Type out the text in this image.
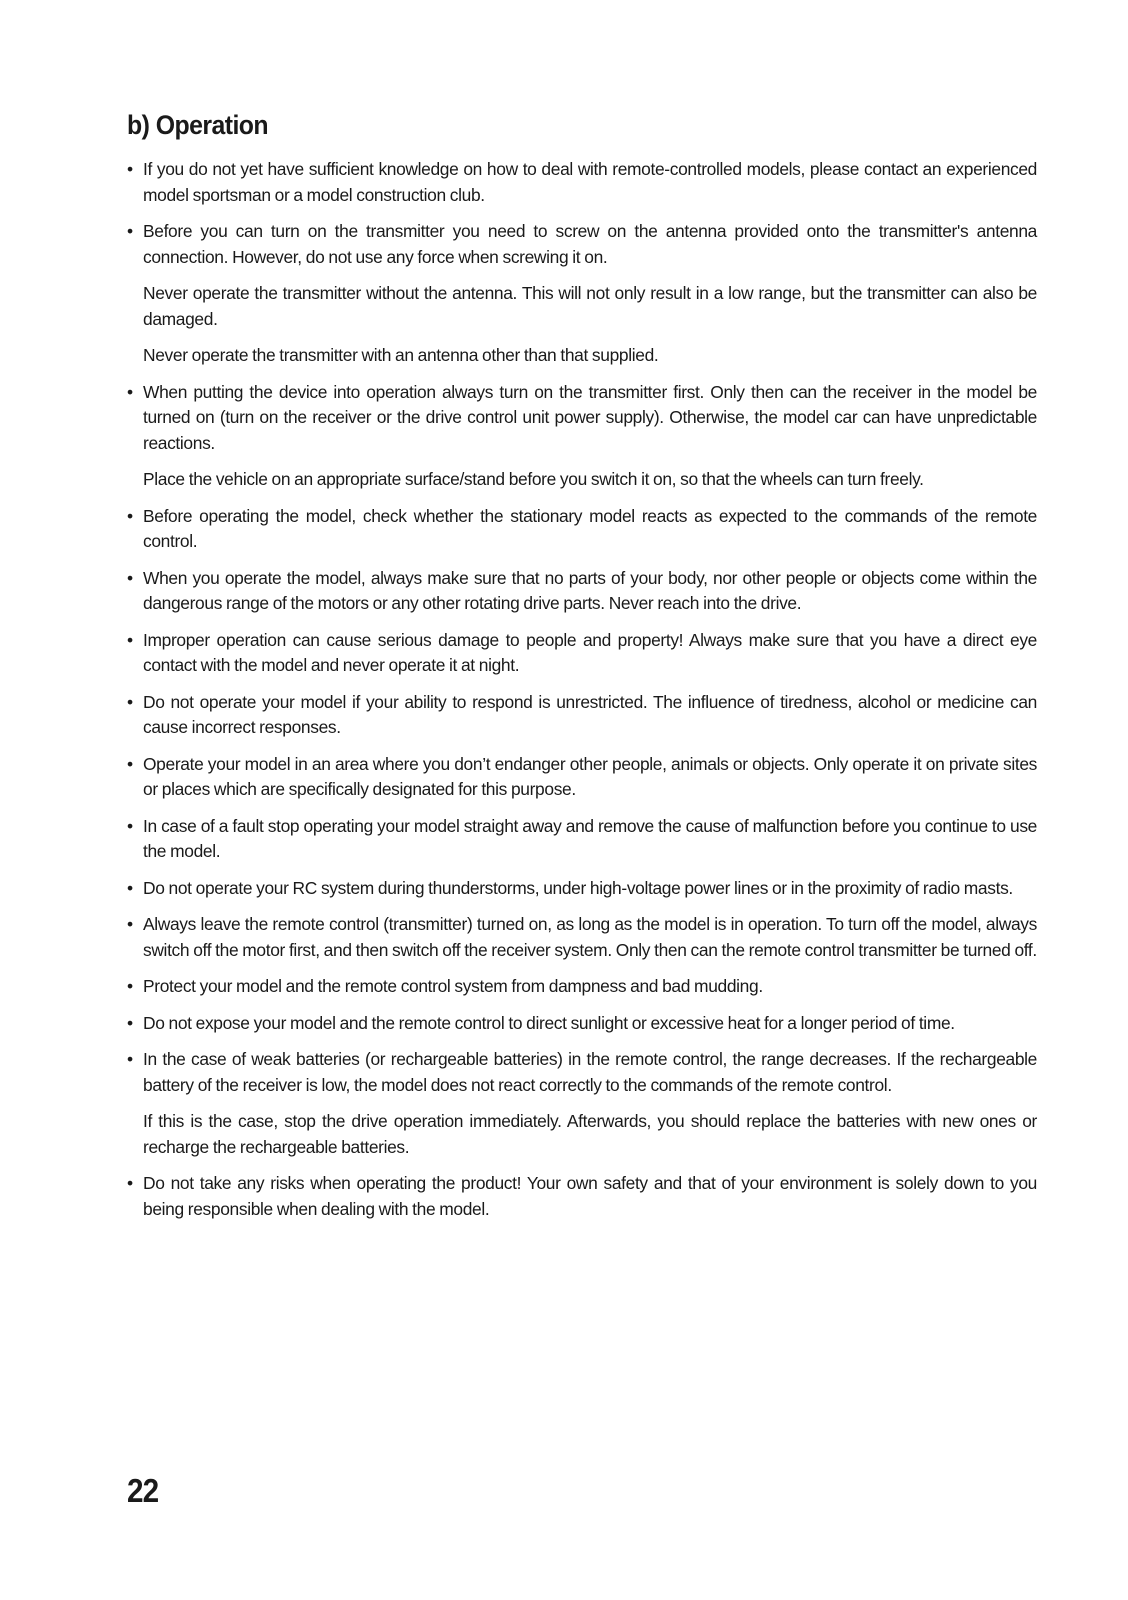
b) Operation
• If you do not yet have sufficient knowledge on how to deal with remote-controlled models, please contact an experienced model sportsman or a model construction club.

• Before you can turn on the transmitter you need to screw on the antenna provided onto the transmitter's antenna connection. However, do not use any force when screwing it on.

Never operate the transmitter without the antenna. This will not only result in a low range, but the transmitter can also be damaged.

Never operate the transmitter with an antenna other than that supplied.

• When putting the device into operation always turn on the transmitter first. Only then can the receiver in the model be turned on (turn on the receiver or the drive control unit power supply). Otherwise, the model car can have unpredictable reactions.

Place the vehicle on an appropriate surface/stand before you switch it on, so that the wheels can turn freely.

• Before operating the model, check whether the stationary model reacts as expected to the commands of the remote control.

• When you operate the model, always make sure that no parts of your body, nor other people or objects come within the dangerous range of the motors or any other rotating drive parts. Never reach into the drive.

• Improper operation can cause serious damage to people and property! Always make sure that you have a direct eye contact with the model and never operate it at night.

• Do not operate your model if your ability to respond is unrestricted. The influence of tiredness, alcohol or medicine can cause incorrect responses.

• Operate your model in an area where you don’t endanger other people, animals or objects. Only operate it on private sites or places which are specifically designated for this purpose.

• In case of a fault stop operating your model straight away and remove the cause of malfunction before you continue to use the model.

• Do not operate your RC system during thunderstorms, under high-voltage power lines or in the proximity of radio masts.

• Always leave the remote control (transmitter) turned on, as long as the model is in operation. To turn off the model, always switch off the motor first, and then switch off the receiver system. Only then can the remote control transmitter be turned off.

• Protect your model and the remote control system from dampness and bad mudding.

• Do not expose your model and the remote control to direct sunlight or excessive heat for a longer period of time.

• In the case of weak batteries (or rechargeable batteries) in the remote control, the range decreases. If the rechargeable battery of the receiver is low, the model does not react correctly to the commands of the remote control.

If this is the case, stop the drive operation immediately. Afterwards, you should replace the batteries with new ones or recharge the rechargeable batteries.

• Do not take any risks when operating the product! Your own safety and that of your environment is solely down to you being responsible when dealing with the model.

22
